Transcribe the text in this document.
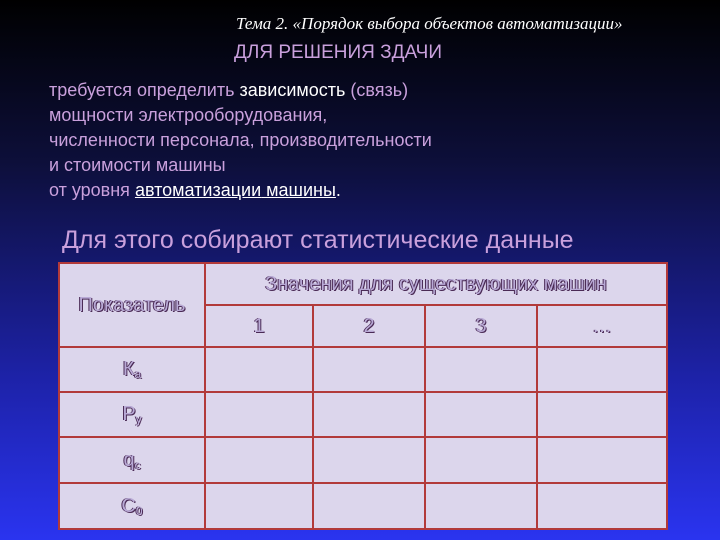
Тема 2. «Порядок выбора объектов автоматизации»
ДЛЯ РЕШЕНИЯ ЗДАЧИ
требуется определить зависимость (связь)
мощности электрооборудования,
численности персонала, производительности
и стоимости машины
от уровня автоматизации машины.
Для этого собирают статистические данные
Показатель	Значения для существующих машин			
	1	2	3	…
$К_а$				
$Р_у$				
$q_с$				
$С_0$				
